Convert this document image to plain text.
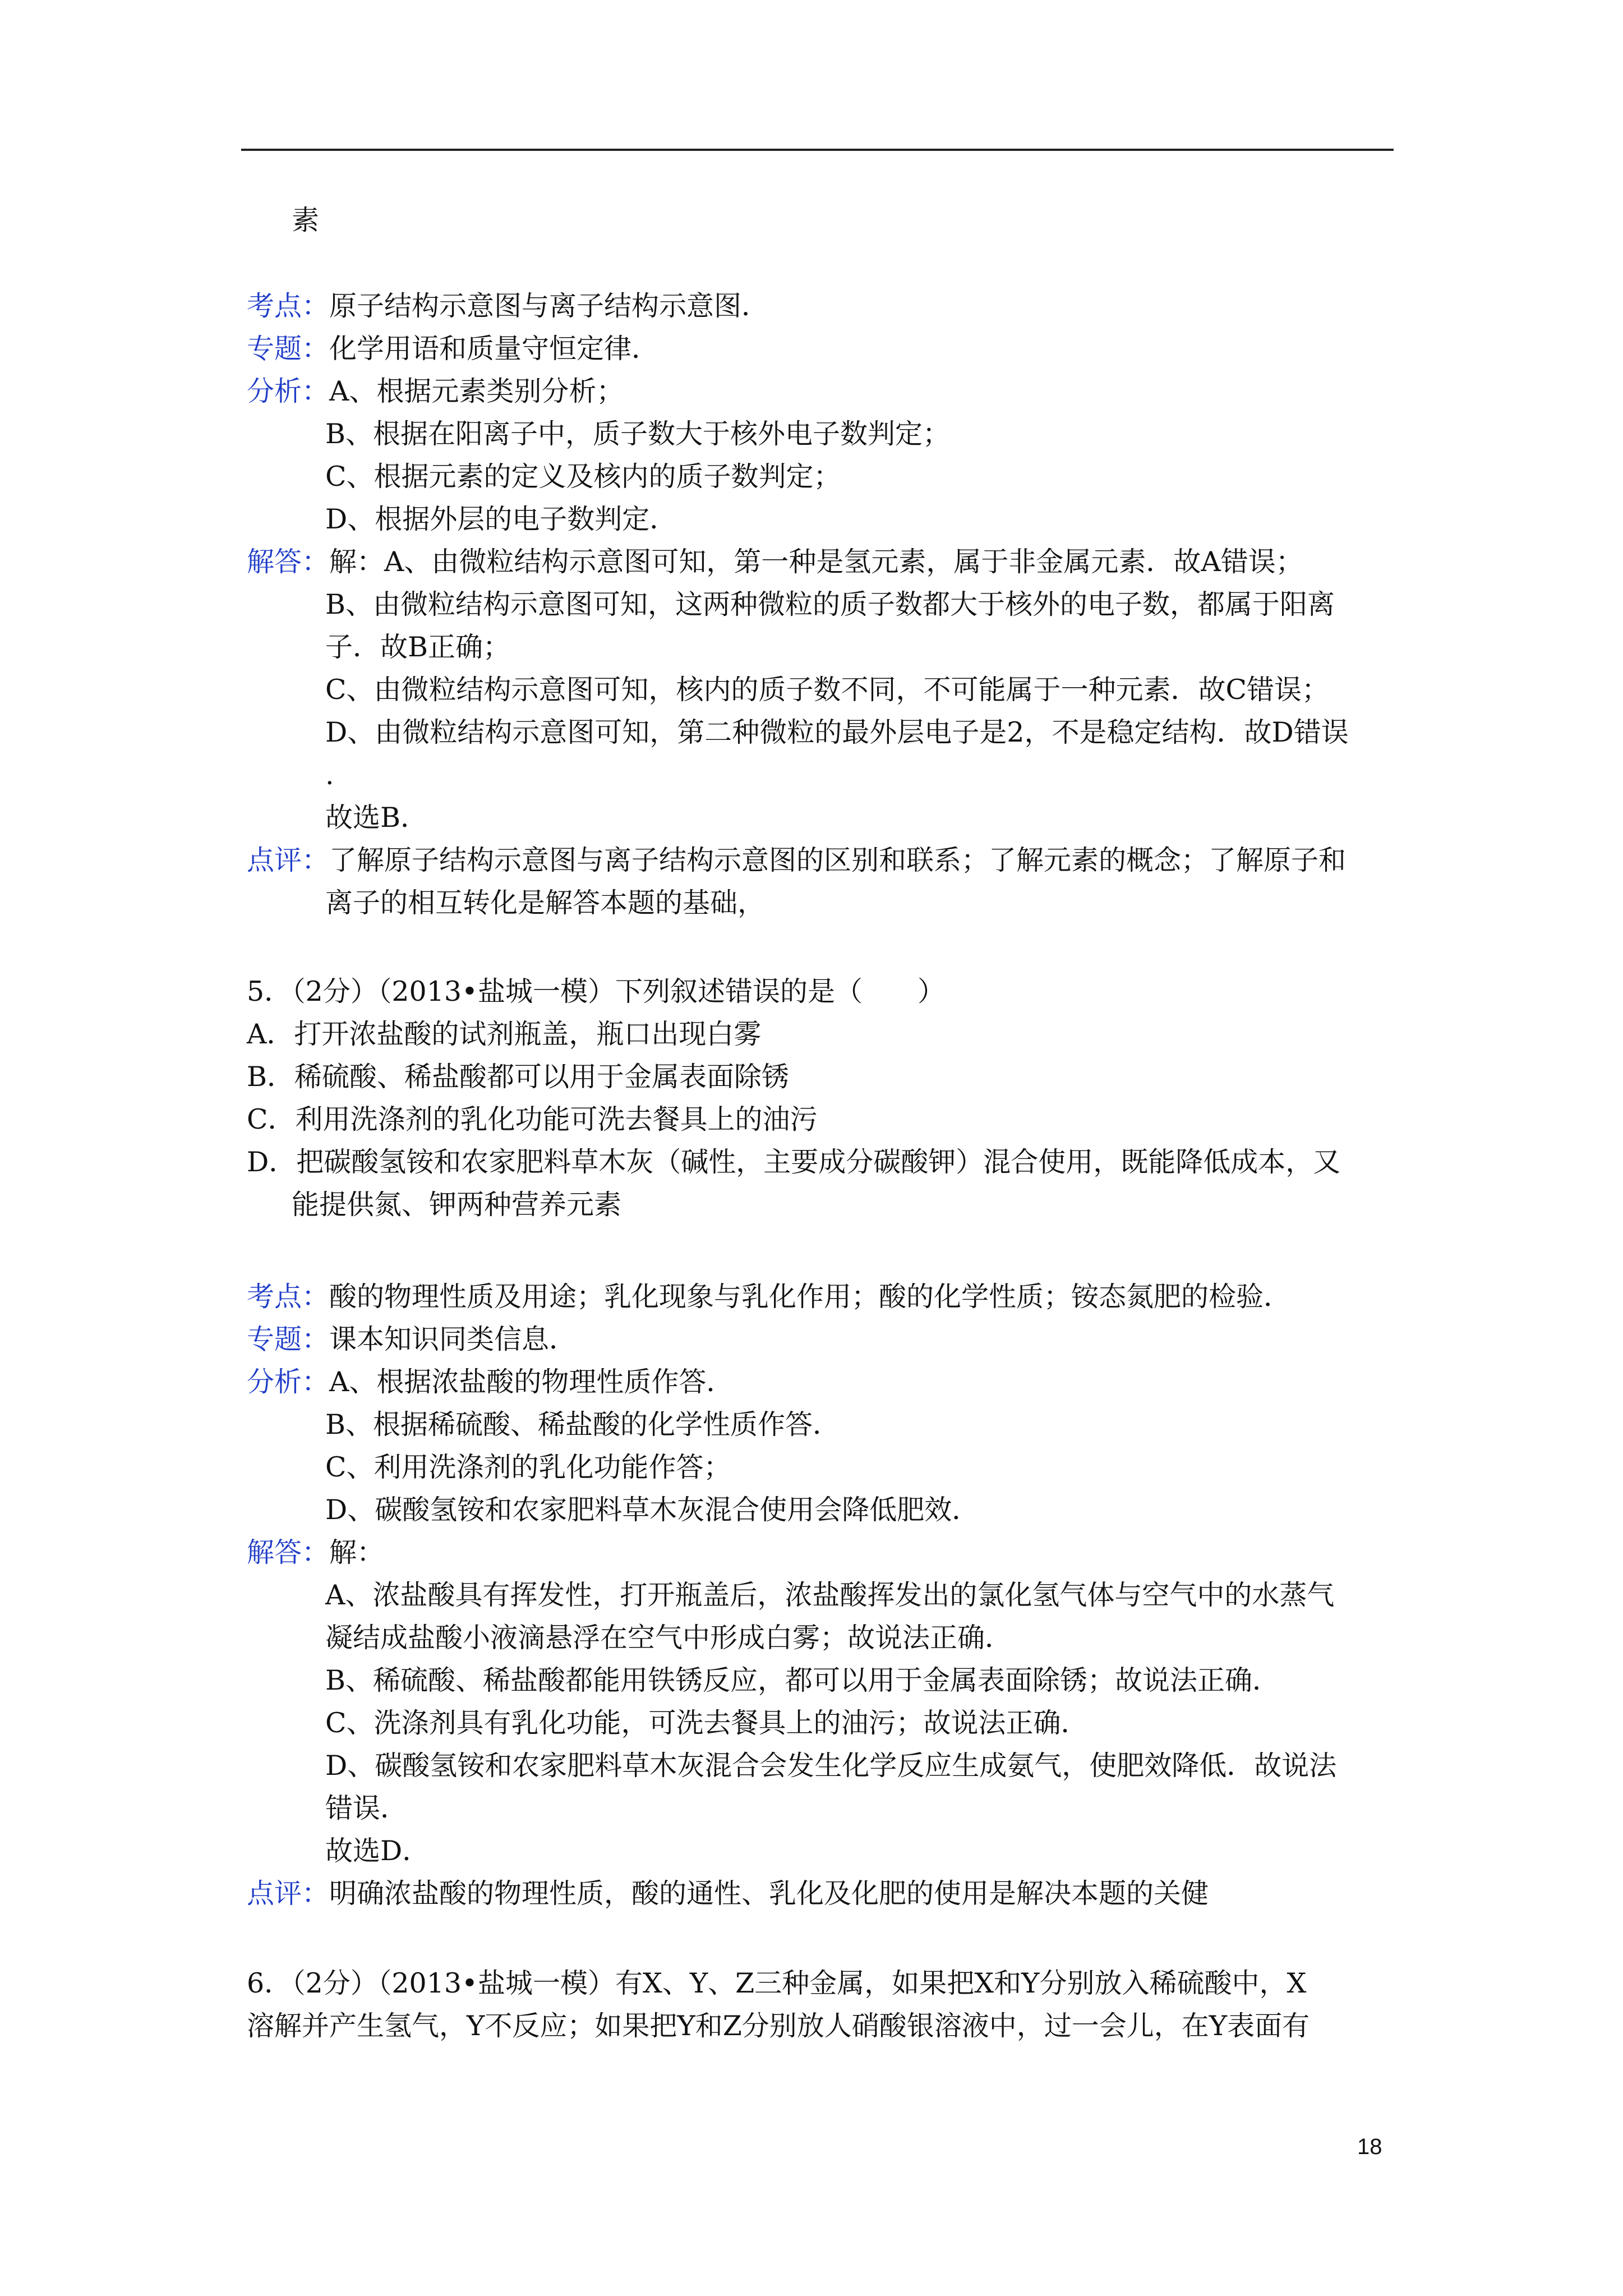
素
考点：原子结构示意图与离子结构示意图．
专题：化学用语和质量守恒定律．
分析：A、根据元素类别分析；
B、根据在阳离子中，质子数大于核外电子数判定；
C、根据元素的定义及核内的质子数判定；
D、根据外层的电子数判定．
解答：解：A、由微粒结构示意图可知，第一种是氢元素，属于非金属元素．故A错误；
B、由微粒结构示意图可知，这两种微粒的质子数都大于核外的电子数，都属于阳离
子．故B正确；
C、由微粒结构示意图可知，核内的质子数不同，不可能属于一种元素．故C错误；
D、由微粒结构示意图可知，第二种微粒的最外层电子是2，不是稳定结构．故D错误
.
故选B．
点评：了解原子结构示意图与离子结构示意图的区别和联系；了解元素的概念；了解原子和
离子的相互转化是解答本题的基础，
5．（2分）（2013•盐城一模）下列叙述错误的是（　　）
A．打开浓盐酸的试剂瓶盖，瓶口出现白雾
B．稀硫酸、稀盐酸都可以用于金属表面除锈
C．利用洗涤剂的乳化功能可洗去餐具上的油污
D．把碳酸氢铵和农家肥料草木灰（碱性，主要成分碳酸钾）混合使用，既能降低成本，又
能提供氮、钾两种营养元素
考点：酸的物理性质及用途；乳化现象与乳化作用；酸的化学性质；铵态氮肥的检验．
专题：课本知识同类信息．
分析：A、根据浓盐酸的物理性质作答．
B、根据稀硫酸、稀盐酸的化学性质作答．
C、利用洗涤剂的乳化功能作答；
D、碳酸氢铵和农家肥料草木灰混合使用会降低肥效．
解答：解：
A、浓盐酸具有挥发性，打开瓶盖后，浓盐酸挥发出的氯化氢气体与空气中的水蒸气
凝结成盐酸小液滴悬浮在空气中形成白雾；故说法正确．
B、稀硫酸、稀盐酸都能用铁锈反应，都可以用于金属表面除锈；故说法正确．
C、洗涤剂具有乳化功能，可洗去餐具上的油污；故说法正确．
D、碳酸氢铵和农家肥料草木灰混合会发生化学反应生成氨气，使肥效降低．故说法
错误．
故选D．
点评：明确浓盐酸的物理性质，酸的通性、乳化及化肥的使用是解决本题的关健
6．（2分）（2013•盐城一模）有X、Y、Z三种金属，如果把X和Y分别放入稀硫酸中，X
溶解并产生氢气，Y不反应；如果把Y和Z分别放人硝酸银溶液中，过一会儿，在Y表面有
18
